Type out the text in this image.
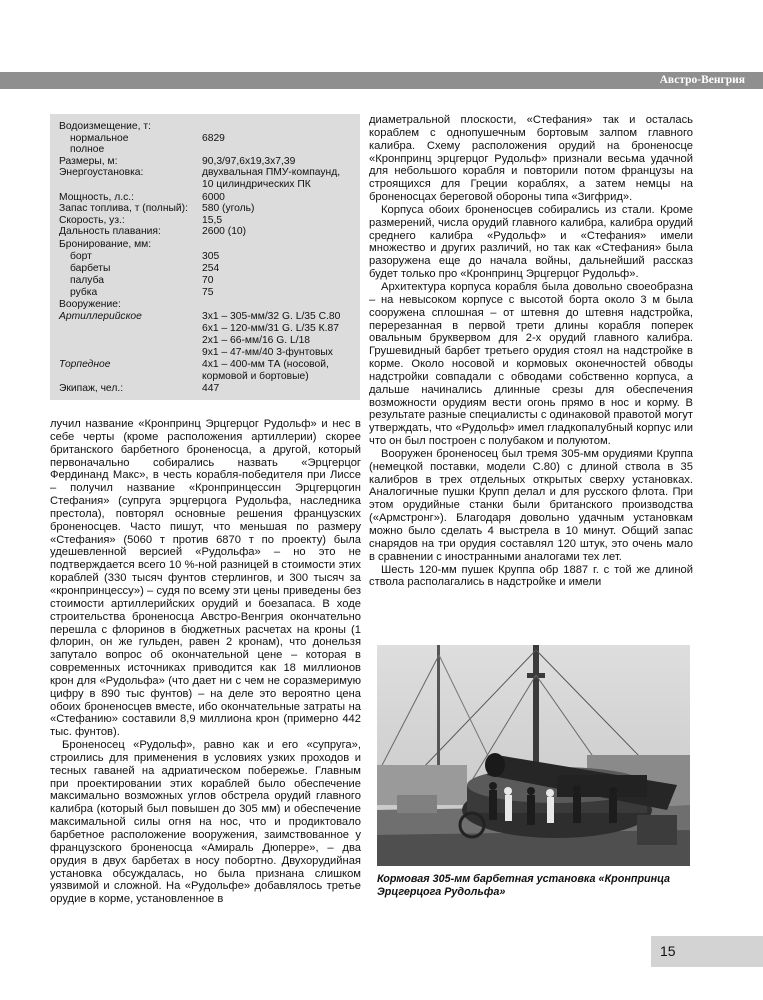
Австро-Венгрия
Водоизмещение, т:
нормальное	6829
полное
Размеры, м:	90,3/97,6х19,3х7,39
Энергоустановка:	двухвальная ПМУ-компаунд,
10 цилиндрических ПК
Мощность, л.с.:	6000
Запас топлива, т (полный): 580 (уголь)
Скорость, уз.:	15,5
Дальность плавания:	2600 (10)
Бронирование, мм:
борт	305
барбеты	254
палуба	70
рубка	75
Вооружение:
Артиллерийское	3х1 – 305-мм/32 G. L/35 C.80
6х1 – 120-мм/31 G. L/35 К.87
2х1 – 66-мм/16 G. L/18
9х1 – 47-мм/40 3-фунтовых
Торпедное	4х1 – 400-мм ТА (носовой,
кормовой и бортовые)
Экипаж, чел.:	447

лучил название «Кронпринц Эрцгерцог Рудольф» и нес в себе черты (кроме расположения артиллерии) скорее британского барбетного броненосца, а другой, который первоначально собирались назвать «Эрцгерцог Фердинанд Макс», в честь корабля-победителя при Лиссе – получил название «Кронпринцессин Эрцгерцогин Стефания» (супруга эрцгерцога Рудольфа, наследника престола), повторял основные решения французских броненосцев. Часто пишут, что меньшая по размеру «Стефания» (5060 т против 6870 т по проекту) была удешевленной версией «Рудольфа» – но это не подтверждается всего 10 %-ной разницей в стоимости этих кораблей (330 тысяч фунтов стерлингов, и 300 тысяч за «кронпринцессу») – судя по всему эти цены приведены без стоимости артиллерийских орудий и боезапаса. В ходе строительства броненосца Австро-Венгрия окончательно перешла с флоринов в бюджетных расчетах на кроны (1 флорин, он же гульден, равен 2 кронам), что донельзя запутало вопрос об окончательной цене – которая в современных источниках приводится как 18 миллионов крон для «Рудольфа» (что дает ни с чем не соразмеримую цифру в 890 тыс фунтов) – на деле это вероятно цена обоих броненосцев вместе, ибо окончательные затраты на «Стефанию» составили 8,9 миллиона крон (примерно 442 тыс. фунтов).

Броненосец «Рудольф», равно как и его «супруга», строились для применения в условиях узких проходов и тесных гаваней на адриатическом побережье. Главным при проектировании этих кораблей было обеспечение максимально возможных углов обстрела орудий главного калибра (который был повышен до 305 мм) и обеспечение максимальной силы огня на нос, что и продиктовало барбетное расположение вооружения, заимствованное у французского броненосца «Амираль Дюперре», – два орудия в двух барбетах в носу побортно. Двухорудийная установка обсуждалась, но была признана слишком уязвимой и сложной. На «Рудольфе» добавлялось третье орудие в корме, установленное в

диаметральной плоскости, «Стефания» так и осталась кораблем с однопушечным бортовым залпом главного калибра. Схему расположения орудий на броненосце «Кронпринц эрцгерцог Рудольф» признали весьма удачной для небольшого корабля и повторили потом французы на строящихся для Греции кораблях, а затем немцы на броненосцах береговой обороны типа «Зигфрид».

Корпуса обоих броненосцев собирались из стали. Кроме размерений, числа орудий главного калибра, калибра орудий среднего калибра «Рудольф» и «Стефания» имели множество и других различий, но так как «Стефания» была разоружена еще до начала войны, дальнейший рассказ будет только про «Кронпринц Эрцгерцог Рудольф».

Архитектура корпуса корабля была довольно своеобразна – на невысоком корпусе с высотой борта около 3 м была сооружена сплошная – от штевня до штевня надстройка, перерезанная в первой трети длины корабля поперек овальным бруквервом для 2-х орудий главного калибра. Грушевидный барбет третьего орудия стоял на надстройке в корме. Около носовой и кормовых оконечностей обводы надстройки совпадали с обводами собственно корпуса, а дальше начинались длинные срезы для обеспечения возможности орудиям вести огонь прямо в нос и корму. В результате разные специалисты с одинаковой правотой могут утверждать, что «Рудольф» имел гладкопалубный корпус или что он был построен с полубаком и полуютом.

Вооружен броненосец был тремя 305-мм орудиями Круппа (немецкой поставки, модели С.80) с длиной ствола в 35 калибров в трех отдельных открытых сверху установках. Аналогичные пушки Крупп делал и для русского флота. При этом орудийные станки были британского производства («Армстронг»). Благодаря довольно удачным установкам можно было сделать 4 выстрела в 10 минут. Общий запас снарядов на три орудия составлял 120 штук, это очень мало в сравнении с иностранными аналогами тех лет.

Шесть 120-мм пушек Круппа обр 1887 г. с той же длиной ствола располагались в надстройке и имели

Кормовая 305-мм барбетная установка «Кронпринца Эрцгерцога Рудольфа»
15
